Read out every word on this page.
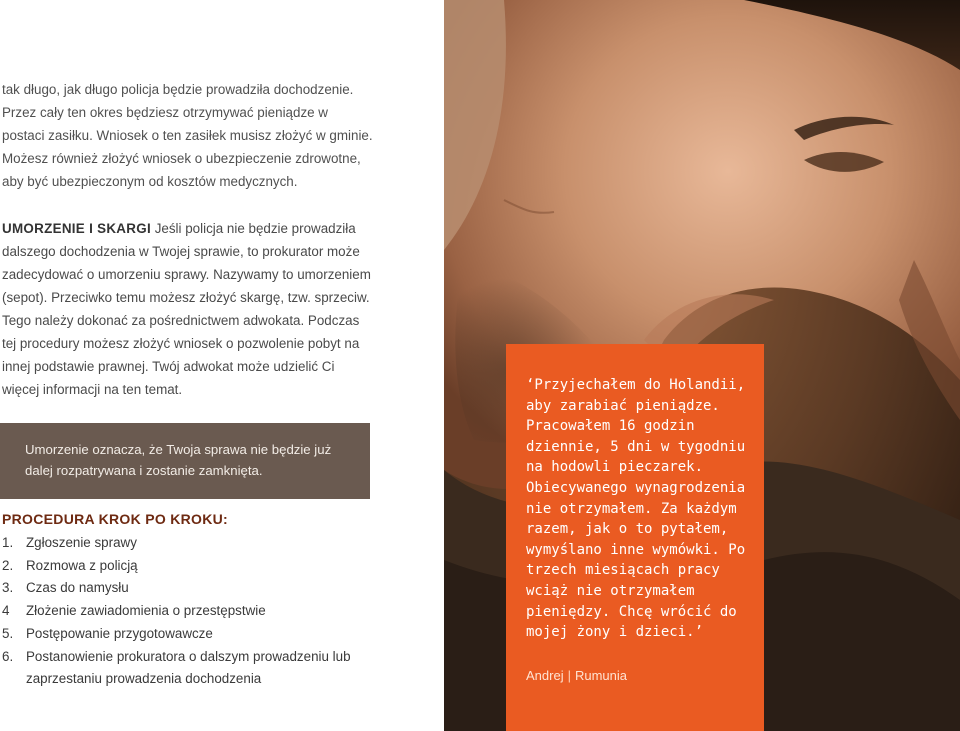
tak długo, jak długo policja będzie prowadziła dochodzenie. Przez cały ten okres będziesz otrzymywać pieniądze w postaci zasiłku. Wniosek o ten zasiłek musisz złożyć w gminie. Możesz również złożyć wniosek o ubezpieczenie zdrowotne, aby być ubezpieczonym od kosztów medycznych.

UMORZENIE I SKARGI Jeśli policja nie będzie prowadziła dalszego dochodzenia w Twojej sprawie, to prokurator może zadecydować o umorzeniu sprawy. Nazywamy to umorzeniem (sepot). Przeciwko temu możesz złożyć skargę, tzw. sprzeciw. Tego należy dokonać za pośrednictwem adwokata. Podczas tej procedury możesz złożyć wniosek o pozwolenie pobyt na innej podstawie prawnej. Twój adwokat może udzielić Ci więcej informacji na ten temat.

Umorzenie oznacza, że Twoja sprawa nie będzie już dalej rozpatrywana i zostanie zamknięta.

PROCEDURA KROK PO KROKU:

1. Zgłoszenie sprawy
2. Rozmowa z policją
3. Czas do namysłu
4 Złożenie zawiadomienia o przestępstwie
5. Postępowanie przygotowawcze
6. Postanowienie prokuratora o dalszym prowadzeniu lub zaprzestaniu prowadzenia dochodzenia

‘Przyjechałem do Holandii, aby zarabiać pieniądze. Pracowałem 16 godzin dziennie, 5 dni w tygodniu na hodowli pieczarek. Obiecywanego wynagrodzenia nie otrzymałem. Za każdym razem, jak o to pytałem, wymyślano inne wymówki. Po trzech miesiącach pracy wciąż nie otrzymałem pieniędzy. Chcę wrócić do mojej żony i dzieci.’

Andrej | Rumunia
